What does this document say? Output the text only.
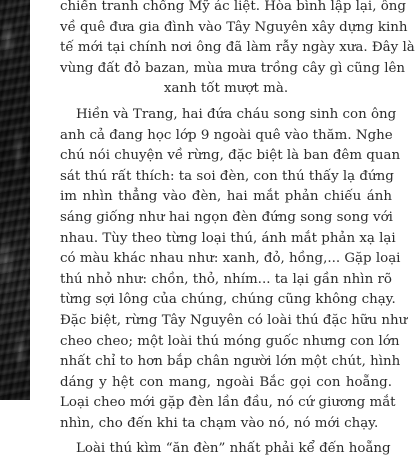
chiến tranh chống Mỹ ác liệt. Hòa bình lập lại, ông
về quê đưa gia đình vào Tây Nguyên xây dựng kinh
tế mới tại chính nơi ông đã làm rẫy ngày xưa. Đây là
vùng đất đỏ bazan, mùa mưa trồng cây gì cũng lên
xanh tốt mượt mà.

Hiền và Trang, hai đứa cháu song sinh con ông
anh cả đang học lớp 9 ngoài quê vào thăm. Nghe
chú nói chuyện về rừng, đặc biệt là ban đêm quan
sát thú rất thích: ta soi đèn, con thú thấy lạ đứng
im nhìn thẳng vào đèn, hai mắt phản chiếu ánh
sáng giống như hai ngọn đèn đứng song song với
nhau. Tùy theo từng loại thú, ánh mắt phản xạ lại
có màu khác nhau như: xanh, đỏ, hồng,... Gặp loại
thú nhỏ như: chồn, thỏ, nhím... ta lại gần nhìn rõ
từng sợi lông của chúng, chúng cũng không chạy.
Đặc biệt, rừng Tây Nguyên có loài thú đặc hữu như
cheo cheo; một loài thú móng guốc nhưng con lớn
nhất chỉ to hơn bắp chân người lớn một chút, hình
dáng y hệt con mang, ngoài Bắc gọi con hoẵng.
Loại cheo mới gặp đèn lần đầu, nó cứ giương mắt
nhìn, cho đến khi ta chạm vào nó, nó mới chạy.

Loài thú kìm “ăn đèn” nhất phải kể đến hoẵng
